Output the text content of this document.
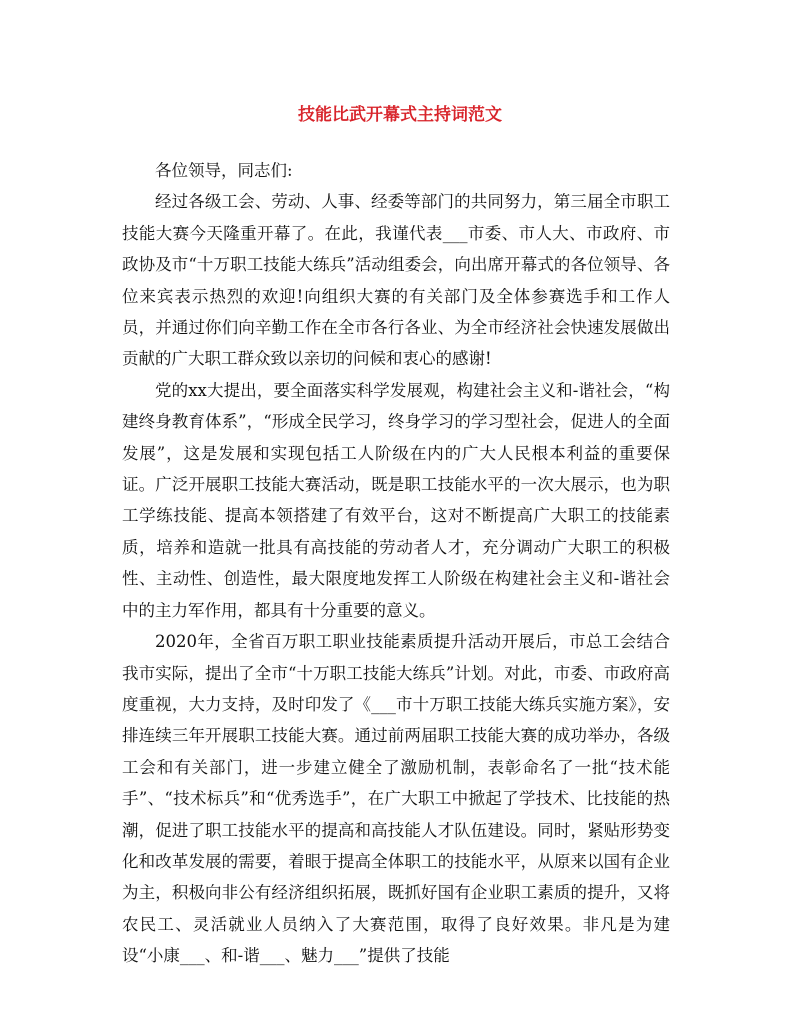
技能比武开幕式主持词范文

各位领导，同志们:

经过各级工会、劳动、人事、经委等部门的共同努力，第三届全市职工技能大赛今天隆重开幕了。在此，我谨代表___市委、市人大、市政府、市政协及市“十万职工技能大练兵”活动组委会，向出席开幕式的各位领导、各位来宾表示热烈的欢迎!向组织大赛的有关部门及全体参赛选手和工作人员，并通过你们向辛勤工作在全市各行各业、为全市经济社会快速发展做出贡献的广大职工群众致以亲切的问候和衷心的感谢!

党的xx大提出，要全面落实科学发展观，构建社会主义和-谐社会，“构建终身教育体系”，“形成全民学习，终身学习的学习型社会，促进人的全面发展”，这是发展和实现包括工人阶级在内的广大人民根本利益的重要保证。广泛开展职工技能大赛活动，既是职工技能水平的一次大展示，也为职工学练技能、提高本领搭建了有效平台，这对不断提高广大职工的技能素质，培养和造就一批具有高技能的劳动者人才，充分调动广大职工的积极性、主动性、创造性，最大限度地发挥工人阶级在构建社会主义和-谐社会中的主力军作用，都具有十分重要的意义。

2020年，全省百万职工职业技能素质提升活动开展后，市总工会结合我市实际，提出了全市“十万职工技能大练兵”计划。对此，市委、市政府高度重视，大力支持，及时印发了《___市十万职工技能大练兵实施方案》，安排连续三年开展职工技能大赛。通过前两届职工技能大赛的成功举办，各级工会和有关部门，进一步建立健全了激励机制，表彰命名了一批“技术能手”、“技术标兵”和“优秀选手”，在广大职工中掀起了学技术、比技能的热潮，促进了职工技能水平的提高和高技能人才队伍建设。同时，紧贴形势变化和改革发展的需要，着眼于提高全体职工的技能水平，从原来以国有企业为主，积极向非公有经济组织拓展，既抓好国有企业职工素质的提升，又将农民工、灵活就业人员纳入了大赛范围，取得了良好效果。非凡是为建设“小康___、和-谐___、魅力___”提供了技能
